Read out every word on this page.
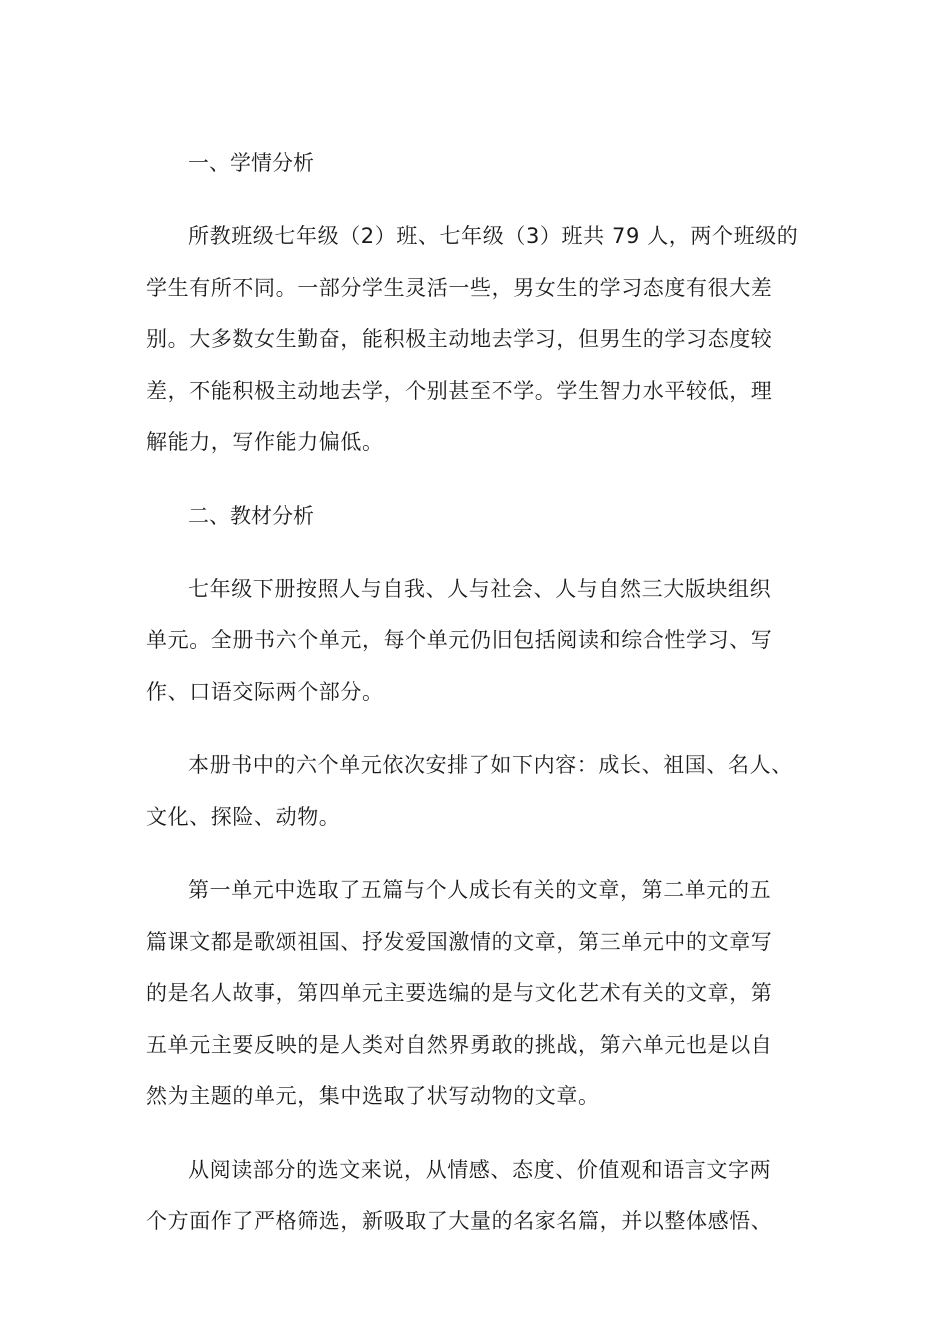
一、学情分析
所教班级七年级（2）班、七年级（3）班共 79 人，两个班级的
学生有所不同。一部分学生灵活一些，男女生的学习态度有很大差
别。大多数女生勤奋，能积极主动地去学习，但男生的学习态度较
差，不能积极主动地去学，个别甚至不学。学生智力水平较低，理
解能力，写作能力偏低。
二、教材分析
七年级下册按照人与自我、人与社会、人与自然三大版块组织
单元。全册书六个单元，每个单元仍旧包括阅读和综合性学习、写
作、口语交际两个部分。
本册书中的六个单元依次安排了如下内容：成长、祖国、名人、
文化、探险、动物。
第一单元中选取了五篇与个人成长有关的文章，第二单元的五
篇课文都是歌颂祖国、抒发爱国激情的文章，第三单元中的文章写
的是名人故事，第四单元主要选编的是与文化艺术有关的文章，第
五单元主要反映的是人类对自然界勇敢的挑战，第六单元也是以自
然为主题的单元，集中选取了状写动物的文章。
从阅读部分的选文来说，从情感、态度、价值观和语言文字两
个方面作了严格筛选，新吸取了大量的名家名篇，并以整体感悟、
